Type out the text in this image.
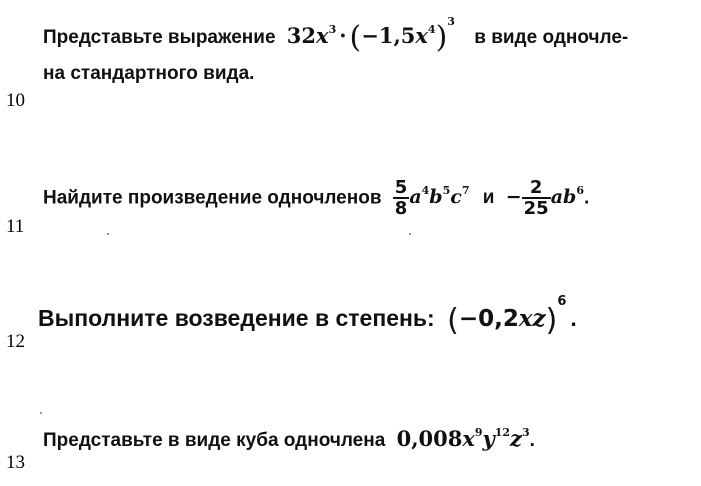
10
Представьте выражение $32x^3 \cdot (-1,5x^4)^3$ в виде одночле-
на стандартного вида.
11
Найдите произведение одночленов $\frac{5}{8} a^4b^5c^7$ $и - \frac{2}{25} ab^6$.
12
Выполните возведение в степень: $(-0,2xz)^6$.
13
Представьте в виде куба одночлена $0,008x^9y^{12}z^3$.
